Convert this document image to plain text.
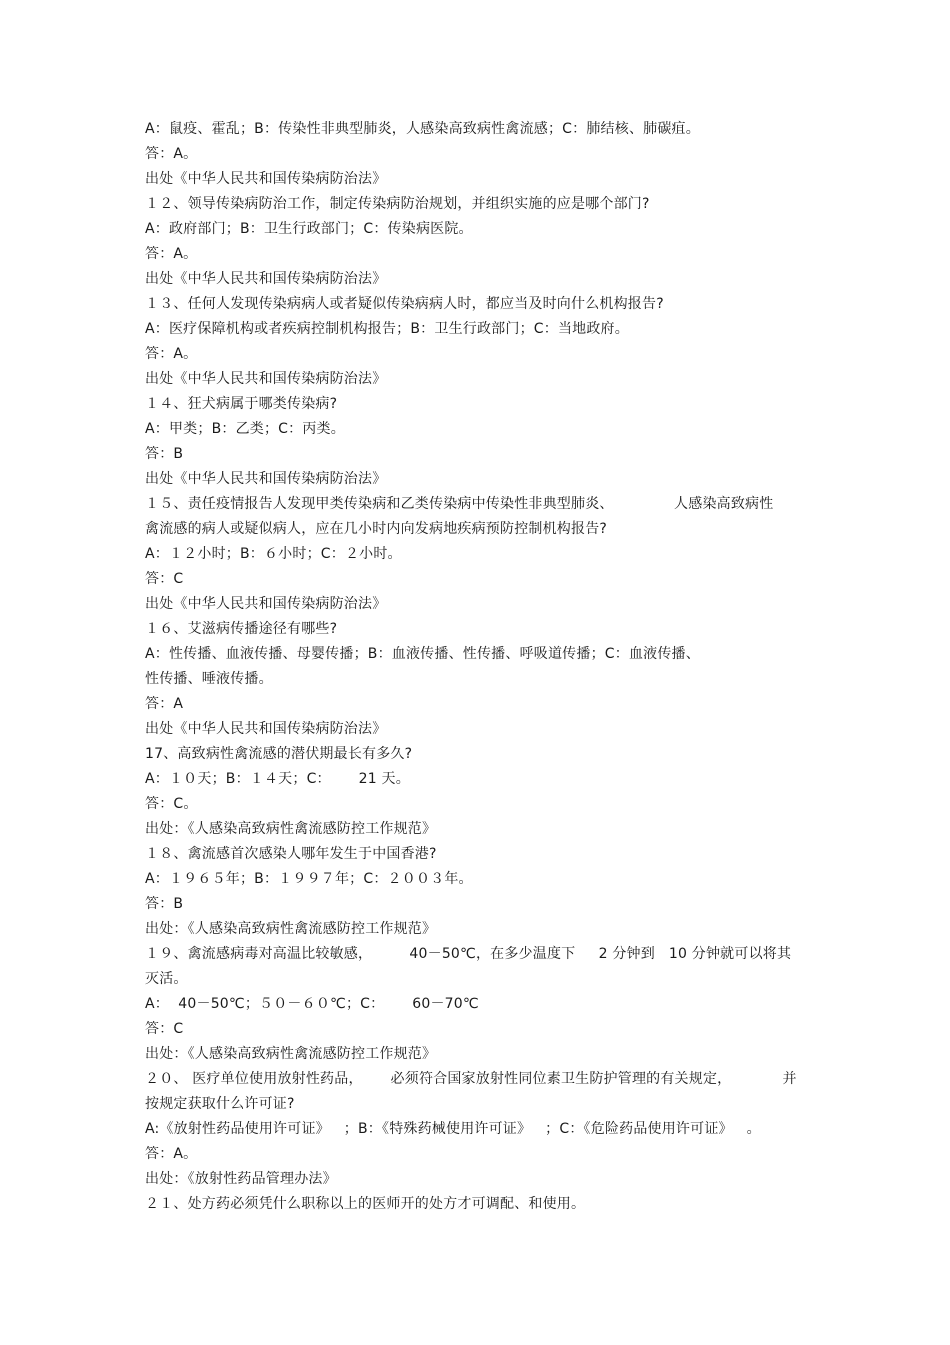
A：鼠疫、霍乱；B：传染性非典型肺炎，人感染高致病性禽流感；C：肺结核、肺碳疽。
答：A。
出处《中华人民共和国传染病防治法》
１２、领导传染病防治工作，制定传染病防治规划，并组织实施的应是哪个部门?
A：政府部门；B：卫生行政部门；C：传染病医院。
答：A。
出处《中华人民共和国传染病防治法》
１３、任何人发现传染病病人或者疑似传染病病人时，都应当及时向什么机构报告?
A：医疗保障机构或者疾病控制机构报告；B：卫生行政部门；C：当地政府。
答：A。
出处《中华人民共和国传染病防治法》
１４、狂犬病属于哪类传染病?
A：甲类；B：乙类；C：丙类。
答：B
出处《中华人民共和国传染病防治法》
１５、责任疫情报告人发现甲类传染病和乙类传染病中传染性非典型肺炎、             人感染高致病性
禽流感的病人或疑似病人，应在几小时内向发病地疾病预防控制机构报告?
A：１２小时；B：６小时；C：２小时。
答：C
出处《中华人民共和国传染病防治法》
１６、艾滋病传播途径有哪些?
A：性传播、血液传播、母婴传播；B：血液传播、性传播、呼吸道传播；C：血液传播、
性传播、唾液传播。
答：A
出处《中华人民共和国传染病防治法》
17、高致病性禽流感的潜伏期最长有多久?
A：１０天；B：１４天；C：      21 天。
答：C。
出处：《人感染高致病性禽流感防控工作规范》
１８、禽流感首次感染人哪年发生于中国香港?
A：１９６５年；B：１９９７年；C：２００３年。
答：B
出处：《人感染高致病性禽流感防控工作规范》
１９、禽流感病毒对高温比较敏感，        40－50℃，在多少温度下     2 分钟到   10 分钟就可以将其
灭活。
A：  40－50℃；５０－６０℃；C：      60－70℃
答：C
出处：《人感染高致病性禽流感防控工作规范》
２０、 医疗单位使用放射性药品，      必须符合国家放射性同位素卫生防护管理的有关规定，           并
按规定获取什么许可证?
A:《放射性药品使用许可证》   ；B：《特殊药械使用许可证》   ；C：《危险药品使用许可证》   。
答：A。
出处：《放射性药品管理办法》
２１、处方药必须凭什么职称以上的医师开的处方才可调配、和使用。
